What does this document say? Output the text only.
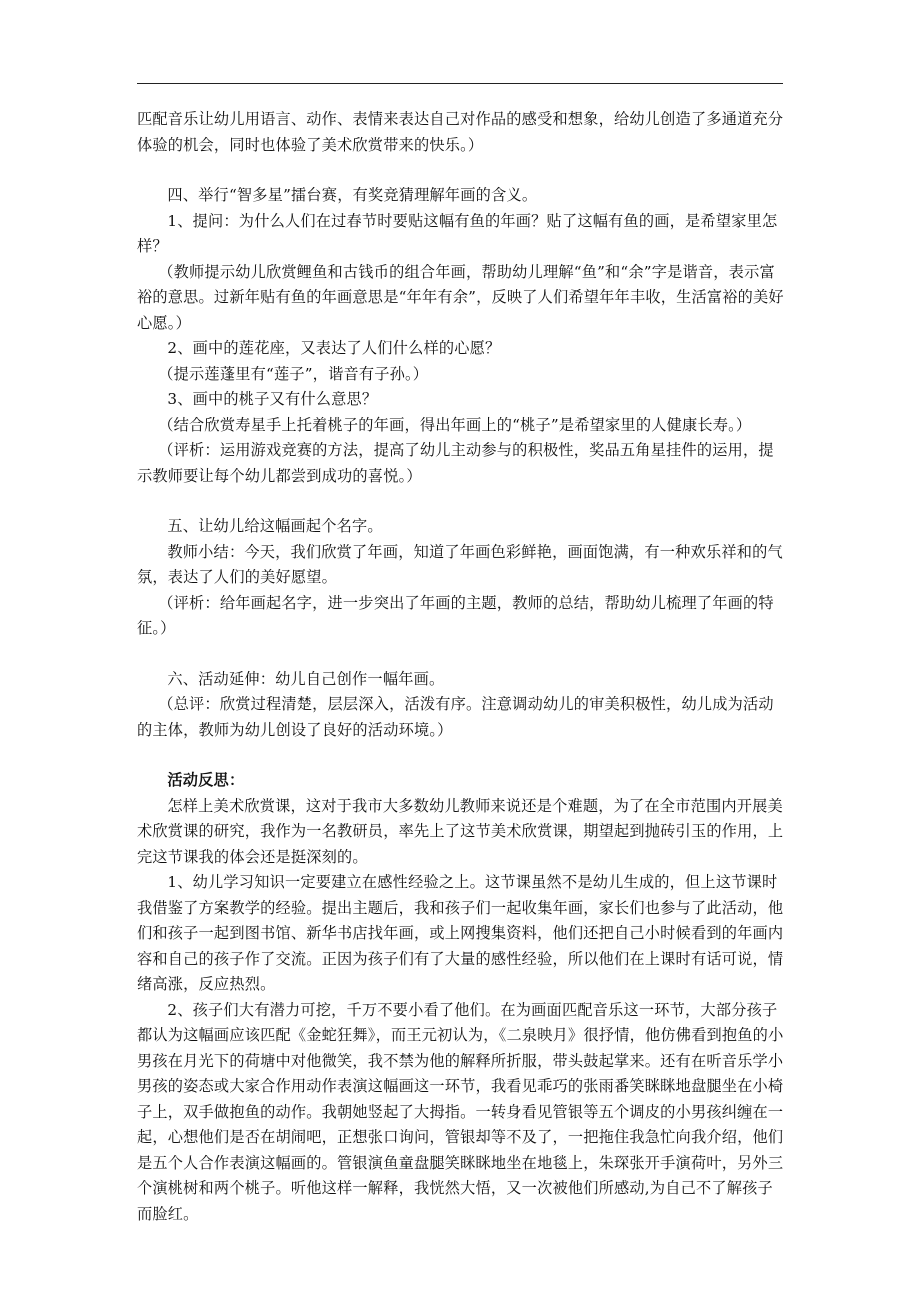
匹配音乐让幼儿用语言、动作、表情来表达自己对作品的感受和想象，给幼儿创造了多通道充分体验的机会，同时也体验了美术欣赏带来的快乐。）

四、举行“智多星”擂台赛，有奖竞猜理解年画的含义。

1、提问：为什么人们在过春节时要贴这幅有鱼的年画？贴了这幅有鱼的画，是希望家里怎样？

（教师提示幼儿欣赏鲤鱼和古钱币的组合年画，帮助幼儿理解“鱼”和“余”字是谐音，表示富裕的意思。过新年贴有鱼的年画意思是“年年有余”，反映了人们希望年年丰收，生活富裕的美好心愿。）

2、画中的莲花座，又表达了人们什么样的心愿？

（提示莲蓬里有“莲子”，谐音有子孙。）

3、画中的桃子又有什么意思？

（结合欣赏寿星手上托着桃子的年画，得出年画上的“桃子”是希望家里的人健康长寿。）

（评析：运用游戏竞赛的方法，提高了幼儿主动参与的积极性，奖品五角星挂件的运用，提示教师要让每个幼儿都尝到成功的喜悦。）

五、让幼儿给这幅画起个名字。

教师小结：今天，我们欣赏了年画，知道了年画色彩鲜艳，画面饱满，有一种欢乐祥和的气氛，表达了人们的美好愿望。

（评析：给年画起名字，进一步突出了年画的主题，教师的总结，帮助幼儿梳理了年画的特征。）

六、活动延伸：幼儿自己创作一幅年画。

（总评：欣赏过程清楚，层层深入，活泼有序。注意调动幼儿的审美积极性，幼儿成为活动的主体，教师为幼儿创设了良好的活动环境。）

活动反思：

怎样上美术欣赏课，这对于我市大多数幼儿教师来说还是个难题，为了在全市范围内开展美术欣赏课的研究，我作为一名教研员，率先上了这节美术欣赏课，期望起到抛砖引玉的作用，上完这节课我的体会还是挺深刻的。

1、幼儿学习知识一定要建立在感性经验之上。这节课虽然不是幼儿生成的，但上这节课时我借鉴了方案教学的经验。提出主题后，我和孩子们一起收集年画，家长们也参与了此活动，他们和孩子一起到图书馆、新华书店找年画，或上网搜集资料，他们还把自己小时候看到的年画内容和自己的孩子作了交流。正因为孩子们有了大量的感性经验，所以他们在上课时有话可说，情绪高涨，反应热烈。

2、孩子们大有潜力可挖，千万不要小看了他们。在为画面匹配音乐这一环节，大部分孩子都认为这幅画应该匹配《金蛇狂舞》，而王元初认为，《二泉映月》很抒情，他仿佛看到抱鱼的小男孩在月光下的荷塘中对他微笑，我不禁为他的解释所折服，带头鼓起掌来。还有在听音乐学小男孩的姿态或大家合作用动作表演这幅画这一环节，我看见乖巧的张雨番笑眯眯地盘腿坐在小椅子上，双手做抱鱼的动作。我朝她竖起了大拇指。一转身看见管银等五个调皮的小男孩纠缠在一起，心想他们是否在胡闹吧，正想张口询问，管银却等不及了，一把拖住我急忙向我介绍，他们是五个人合作表演这幅画的。管银演鱼童盘腿笑眯眯地坐在地毯上，朱琛张开手演荷叶，另外三个演桃树和两个桃子。听他这样一解释，我恍然大悟，又一次被他们所感动,为自己不了解孩子而脸红。
